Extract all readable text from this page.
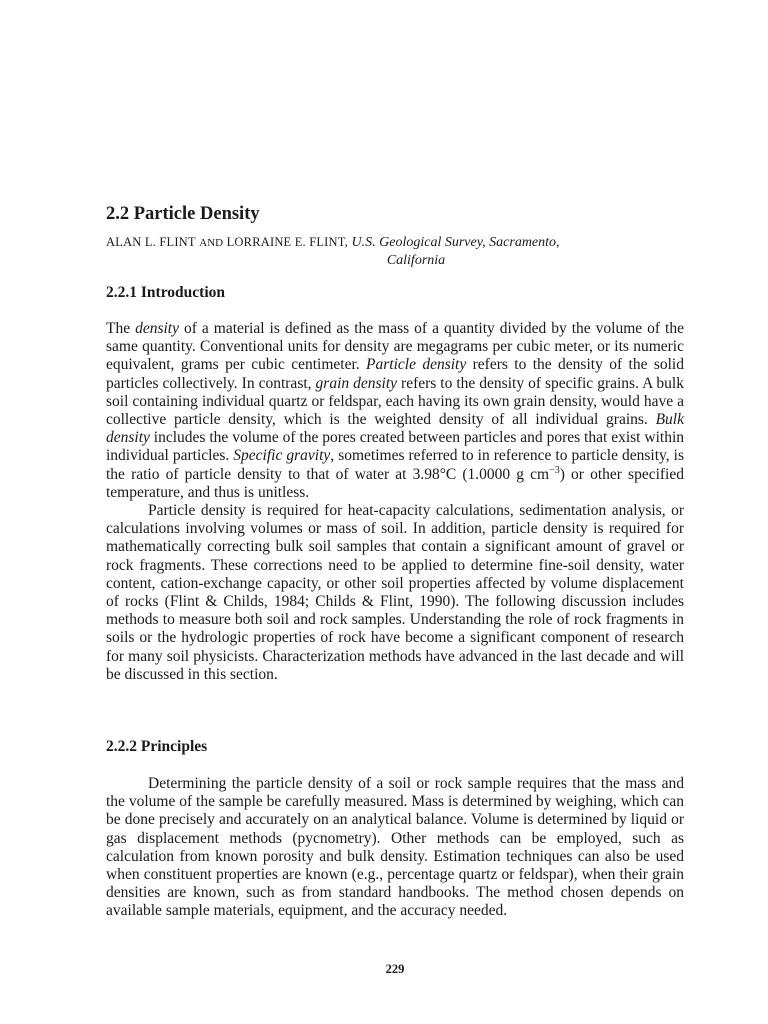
2.2 Particle Density
ALAN L. FLINT AND LORRAINE E. FLINT, U.S. Geological Survey, Sacramento,
California
2.2.1 Introduction

The density of a material is defined as the mass of a quantity divided by the volume of the same quantity. Conventional units for density are megagrams per cubic meter, or its numeric equivalent, grams per cubic centimeter. Particle density refers to the density of the solid particles collectively. In contrast, grain density refers to the density of specific grains. A bulk soil containing individual quartz or feldspar, each having its own grain density, would have a collective particle density, which is the weighted density of all individual grains. Bulk density includes the volume of the pores created between particles and pores that exist within individual particles. Specific gravity, sometimes referred to in reference to particle density, is the ratio of particle density to that of water at 3.98°C (1.0000 g $cm^{-3}$) or other specified temperature, and thus is unitless.

Particle density is required for heat-capacity calculations, sedimentation analysis, or calculations involving volumes or mass of soil. In addition, particle density is required for mathematically correcting bulk soil samples that contain a significant amount of gravel or rock fragments. These corrections need to be applied to determine fine-soil density, water content, cation-exchange capacity, or other soil properties affected by volume displacement of rocks (Flint & Childs, 1984; Childs & Flint, 1990). The following discussion includes methods to measure both soil and rock samples. Understanding the role of rock fragments in soils or the hydrologic properties of rock have become a significant component of research for many soil physicists. Characterization methods have advanced in the last decade and will be discussed in this section.

2.2.2 Principles

Determining the particle density of a soil or rock sample requires that the mass and the volume of the sample be carefully measured. Mass is determined by weighing, which can be done precisely and accurately on an analytical balance. Volume is determined by liquid or gas displacement methods (pycnometry). Other methods can be employed, such as calculation from known porosity and bulk density. Estimation techniques can also be used when constituent properties are known (e.g., percentage quartz or feldspar), when their grain densities are known, such as from standard handbooks. The method chosen depends on available sample materials, equipment, and the accuracy needed.

229
